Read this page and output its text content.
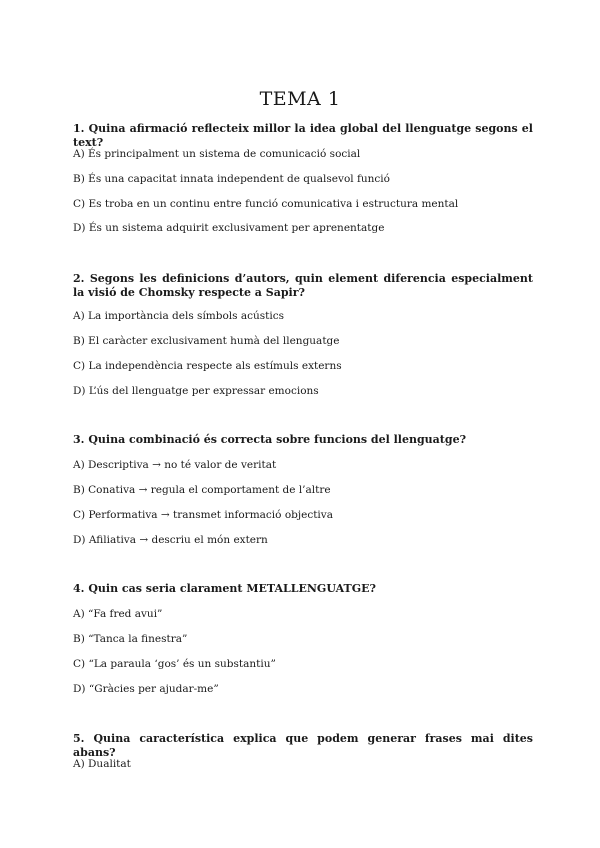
TEMA 1
1. Quina afirmació reflecteix millor la idea global del llenguatge segons el text?
A) És principalment un sistema de comunicació social
B) És una capacitat innata independent de qualsevol funció
C) Es troba en un continu entre funció comunicativa i estructura mental
D) És un sistema adquirit exclusivament per aprenentatge
2. Segons les definicions d’autors, quin element diferencia especialment la visió de Chomsky respecte a Sapir?
A) La importància dels símbols acústics
B) El caràcter exclusivament humà del llenguatge
C) La independència respecte als estímuls externs
D) L’ús del llenguatge per expressar emocions
3. Quina combinació és correcta sobre funcions del llenguatge?
A) Descriptiva → no té valor de veritat
B) Conativa → regula el comportament de l’altre
C) Performativa → transmet informació objectiva
D) Afiliativa → descriu el món extern
4. Quin cas seria clarament METALLENGUATGE?
A) “Fa fred avui”
B) “Tanca la finestra”
C) “La paraula ‘gos’ és un substantiu”
D) “Gràcies per ajudar-me”
5. Quina característica explica que podem generar frases mai dites abans?
A) Dualitat
